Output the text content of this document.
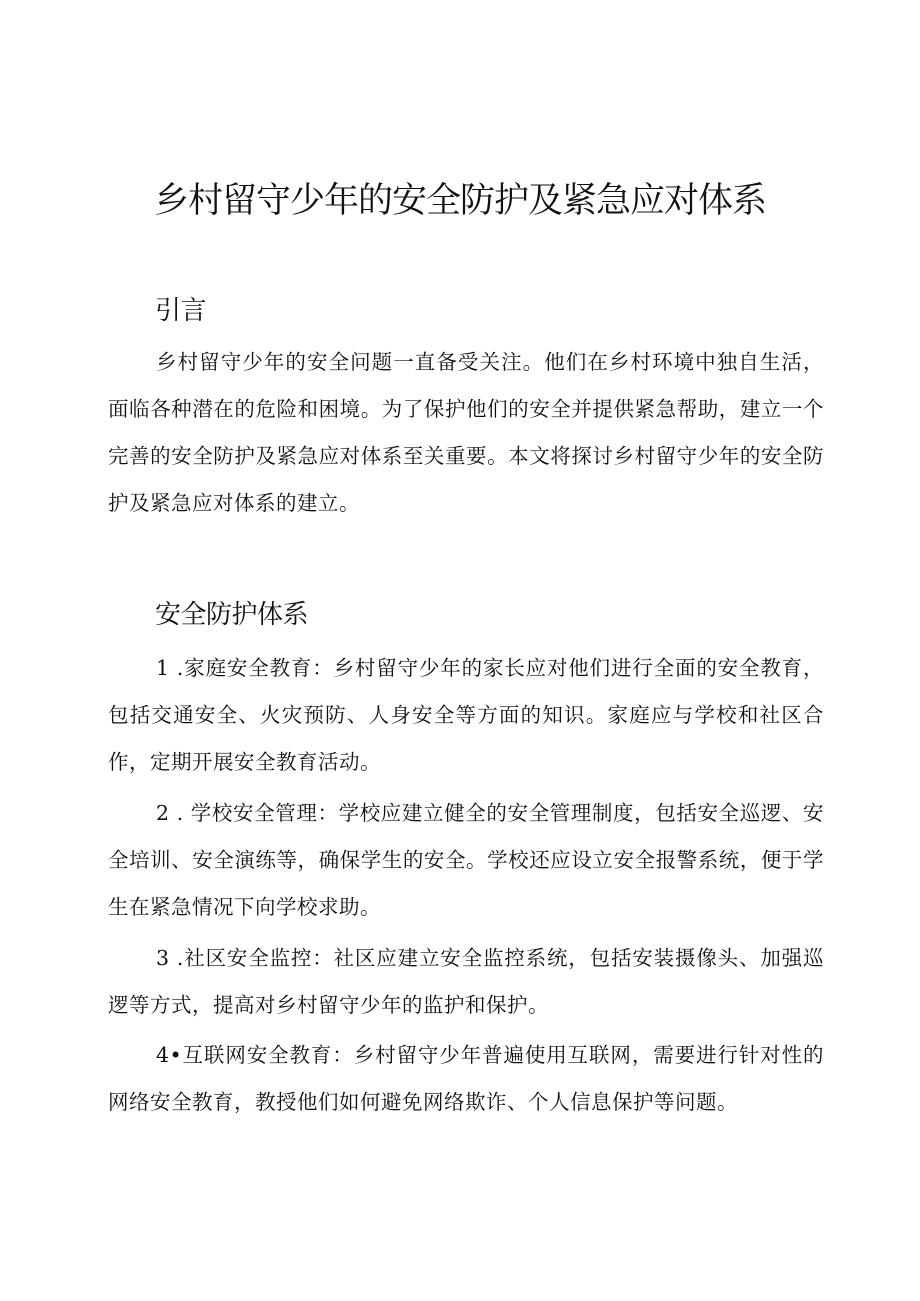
乡村留守少年的安全防护及紧急应对体系
引言

乡村留守少年的安全问题一直备受关注。他们在乡村环境中独自生活，面临各种潜在的危险和困境。为了保护他们的安全并提供紧急帮助，建立一个完善的安全防护及紧急应对体系至关重要。本文将探讨乡村留守少年的安全防护及紧急应对体系的建立。

安全防护体系

1 .家庭安全教育：乡村留守少年的家长应对他们进行全面的安全教育，包括交通安全、火灾预防、人身安全等方面的知识。家庭应与学校和社区合作，定期开展安全教育活动。

2 . 学校安全管理：学校应建立健全的安全管理制度，包括安全巡逻、安全培训、安全演练等，确保学生的安全。学校还应设立安全报警系统，便于学生在紧急情况下向学校求助。

3 .社区安全监控：社区应建立安全监控系统，包括安装摄像头、加强巡逻等方式，提高对乡村留守少年的监护和保护。

4•互联网安全教育：乡村留守少年普遍使用互联网，需要进行针对性的网络安全教育，教授他们如何避免网络欺诈、个人信息保护等问题。
